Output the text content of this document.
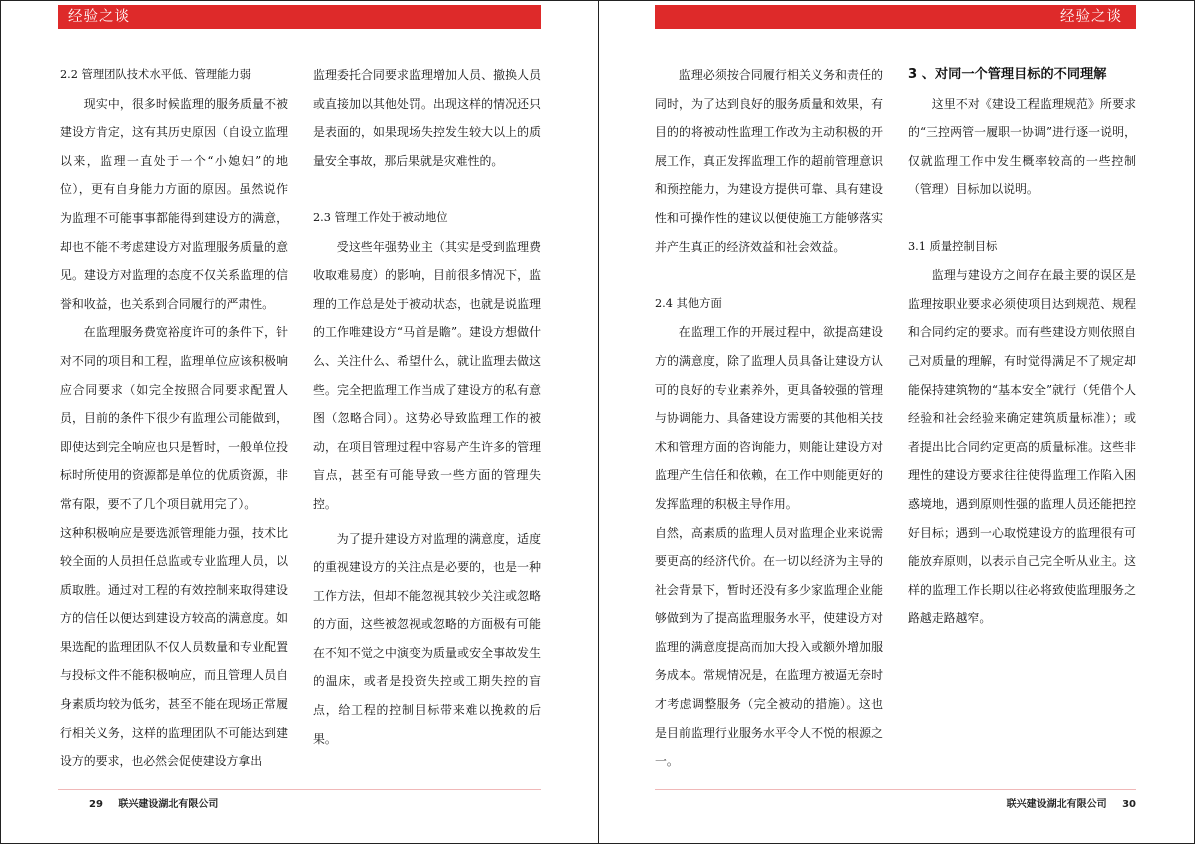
经验之谈
2.2 管理团队技术水平低、管理能力弱

现实中，很多时候监理的服务质量不被建设方肯定，这有其历史原因（自设立监理以来，监理一直处于一个“小媳妇”的地位），更有自身能力方面的原因。虽然说作为监理不可能事事都能得到建设方的满意，却也不能不考虑建设方对监理服务质量的意见。建设方对监理的态度不仅关系监理的信誉和收益，也关系到合同履行的严肃性。

在监理服务费宽裕度许可的条件下，针对不同的项目和工程，监理单位应该积极响应合同要求（如完全按照合同要求配置人员，目前的条件下很少有监理公司能做到，即使达到完全响应也只是暂时，一般单位投标时所使用的资源都是单位的优质资源，非常有限，要不了几个项目就用完了）。

这种积极响应是要选派管理能力强，技术比较全面的人员担任总监或专业监理人员，以质取胜。通过对工程的有效控制来取得建设方的信任以便达到建设方较高的满意度。如果选配的监理团队不仅人员数量和专业配置与投标文件不能积极响应，而且管理人员自身素质均较为低劣，甚至不能在现场正常履行相关义务，这样的监理团队不可能达到建设方的要求，也必然会促使建设方拿出

监理委托合同要求监理增加人员、撤换人员或直接加以其他处罚。出现这样的情况还只是表面的，如果现场失控发生较大以上的质量安全事故，那后果就是灾难性的。

2.3 管理工作处于被动地位

受这些年强势业主（其实是受到监理费收取难易度）的影响，目前很多情况下，监理的工作总是处于被动状态，也就是说监理的工作唯建设方“马首是瞻”。建设方想做什么、关注什么、希望什么，就让监理去做这些。完全把监理工作当成了建设方的私有意图（忽略合同）。这势必导致监理工作的被动，在项目管理过程中容易产生许多的管理盲点，甚至有可能导致一些方面的管理失控。

为了提升建设方对监理的满意度，适度的重视建设方的关注点是必要的，也是一种工作方法，但却不能忽视其较少关注或忽略的方面，这些被忽视或忽略的方面极有可能在不知不觉之中演变为质量或安全事故发生的温床，或者是投资失控或工期失控的盲点，给工程的控制目标带来难以挽救的后果。

29 联兴建设湖北有限公司
经验之谈

监理必须按合同履行相关义务和责任的同时，为了达到良好的服务质量和效果，有目的的将被动性监理工作改为主动积极的开展工作，真正发挥监理工作的超前管理意识和预控能力，为建设方提供可靠、具有建设性和可操作性的建议以便使施工方能够落实并产生真正的经济效益和社会效益。

2.4 其他方面

在监理工作的开展过程中，欲提高建设方的满意度，除了监理人员具备让建设方认可的良好的专业素养外，更具备较强的管理与协调能力、具备建设方需要的其他相关技术和管理方面的咨询能力，则能让建设方对监理产生信任和依赖，在工作中则能更好的发挥监理的积极主导作用。

自然，高素质的监理人员对监理企业来说需要更高的经济代价。在一切以经济为主导的社会背景下，暂时还没有多少家监理企业能够做到为了提高监理服务水平，使建设方对监理的满意度提高而加大投入或额外增加服务成本。常规情况是，在监理方被逼无奈时才考虑调整服务（完全被动的措施）。这也是目前监理行业服务水平令人不悦的根源之一。

3 、对同一个管理目标的不同理解

这里不对《建设工程监理规范》所要求的“三控两管一履职一协调”进行逐一说明，仅就监理工作中发生概率较高的一些控制（管理）目标加以说明。

3.1 质量控制目标

监理与建设方之间存在最主要的误区是监理按职业要求必须使项目达到规范、规程和合同约定的要求。而有些建设方则依照自己对质量的理解，有时觉得满足不了规定却能保持建筑物的“基本安全”就行（凭借个人经验和社会经验来确定建筑质量标准）；或者提出比合同约定更高的质量标准。这些非理性的建设方要求往往使得监理工作陷入困惑境地，遇到原则性强的监理人员还能把控好目标；遇到一心取悦建设方的监理很有可能放弃原则，以表示自己完全听从业主。这样的监理工作长期以往必将致使监理服务之路越走路越窄。

联兴建设湖北有限公司 30
